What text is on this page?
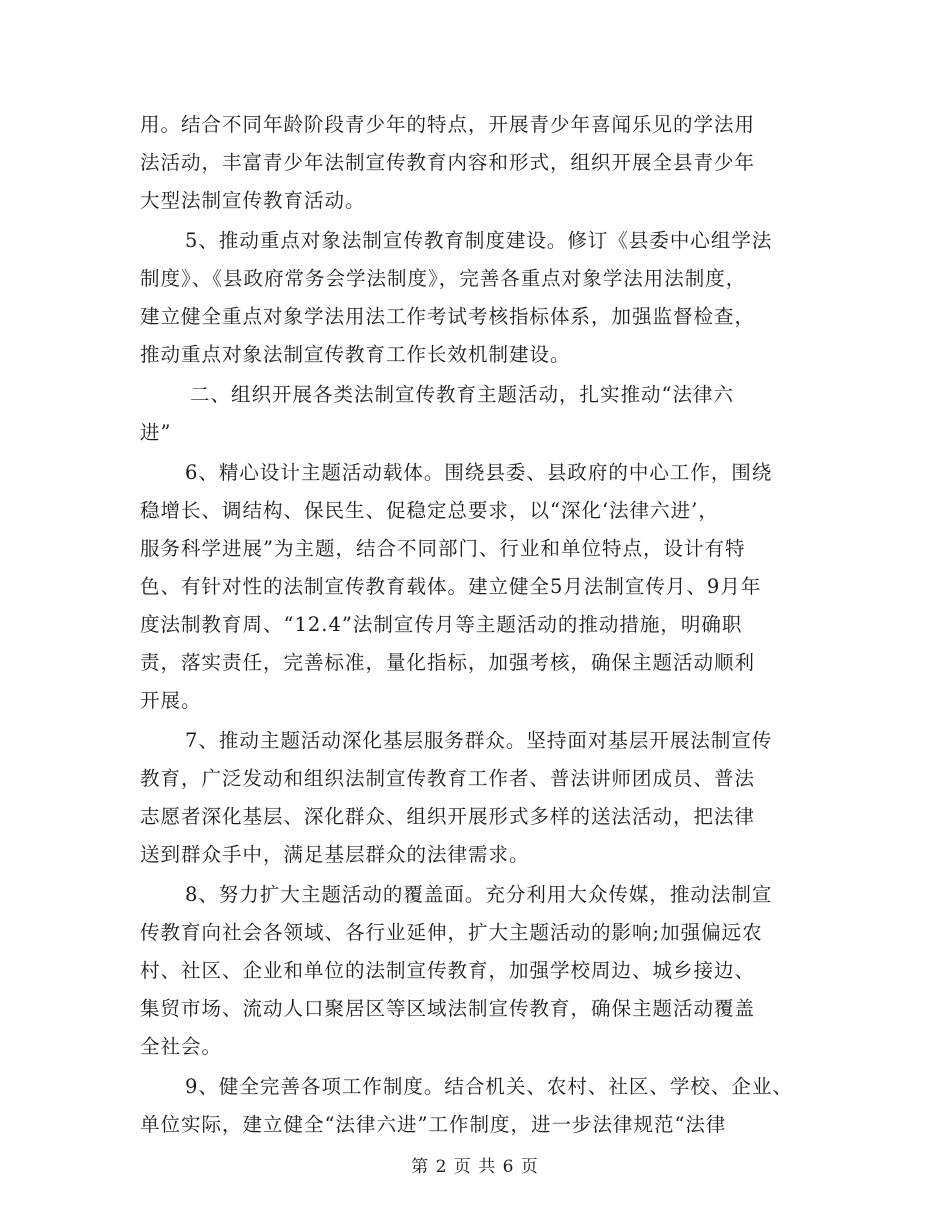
用。结合不同年龄阶段青少年的特点，开展青少年喜闻乐见的学法用
法活动，丰富青少年法制宣传教育内容和形式，组织开展全县青少年
大型法制宣传教育活动。
5、推动重点对象法制宣传教育制度建设。修订《县委中心组学法
制度》、《县政府常务会学法制度》，完善各重点对象学法用法制度，
建立健全重点对象学法用法工作考试考核指标体系，加强监督检查，
推动重点对象法制宣传教育工作长效机制建设。
二、组织开展各类法制宣传教育主题活动，扎实推动“法律六
进”
6、精心设计主题活动载体。围绕县委、县政府的中心工作，围绕
稳增长、调结构、保民生、促稳定总要求，以“深化‘法律六进’，
服务科学进展”为主题，结合不同部门、行业和单位特点，设计有特
色、有针对性的法制宣传教育载体。建立健全5月法制宣传月、9月年
度法制教育周、“12.4”法制宣传月等主题活动的推动措施，明确职
责，落实责任，完善标准，量化指标，加强考核，确保主题活动顺利
开展。
7、推动主题活动深化基层服务群众。坚持面对基层开展法制宣传
教育，广泛发动和组织法制宣传教育工作者、普法讲师团成员、普法
志愿者深化基层、深化群众、组织开展形式多样的送法活动，把法律
送到群众手中，满足基层群众的法律需求。
8、努力扩大主题活动的覆盖面。充分利用大众传媒，推动法制宣
传教育向社会各领域、各行业延伸，扩大主题活动的影响;加强偏远农
村、社区、企业和单位的法制宣传教育，加强学校周边、城乡接边、
集贸市场、流动人口聚居区等区域法制宣传教育，确保主题活动覆盖
全社会。
9、健全完善各项工作制度。结合机关、农村、社区、学校、企业、
单位实际，建立健全“法律六进”工作制度，进一步法律规范“法律
第 2 页 共 6 页
